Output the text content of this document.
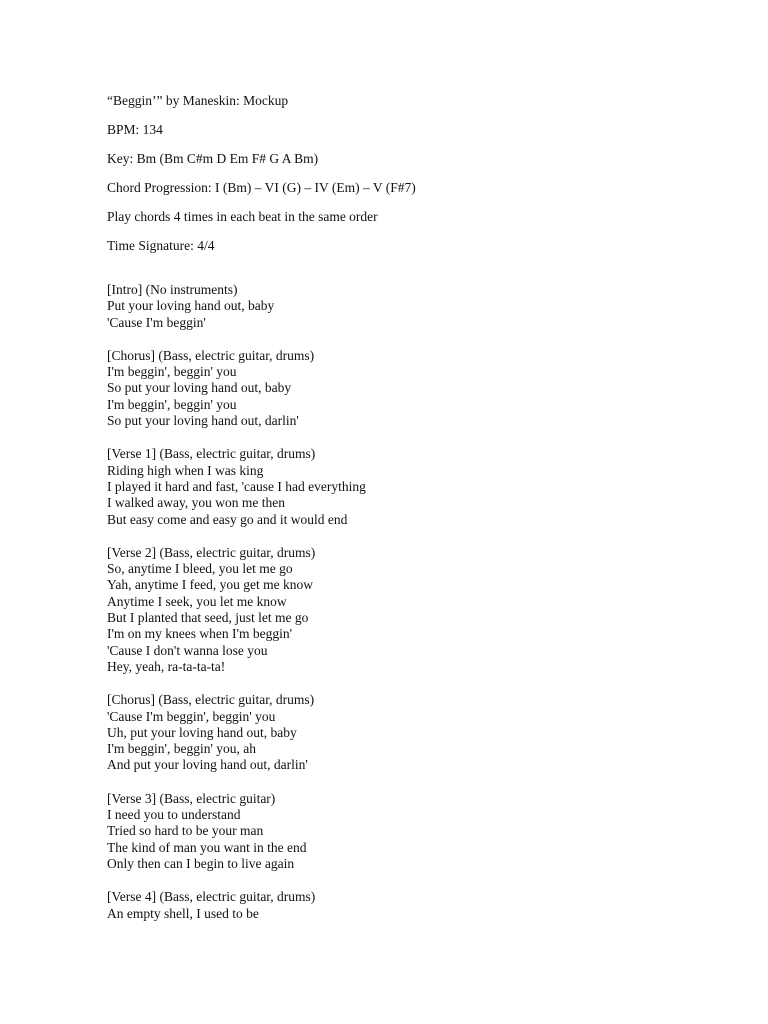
“Beggin’” by Maneskin: Mockup

BPM: 134

Key: Bm (Bm C#m D Em F# G A Bm)

Chord Progression: I (Bm) – VI (G) – IV (Em) – V (F#7)

Play chords 4 times in each beat in the same order

Time Signature: 4/4

[Intro] (No instruments)

Put your loving hand out, baby

'Cause I'm beggin'

[Chorus] (Bass, electric guitar, drums)

I'm beggin', beggin' you

So put your loving hand out, baby

I'm beggin', beggin' you

So put your loving hand out, darlin'

[Verse 1] (Bass, electric guitar, drums)

Riding high when I was king

I played it hard and fast, 'cause I had everything

I walked away, you won me then

But easy come and easy go and it would end

[Verse 2] (Bass, electric guitar, drums)

So, anytime I bleed, you let me go

Yah, anytime I feed, you get me know

Anytime I seek, you let me know

But I planted that seed, just let me go

I'm on my knees when I'm beggin'

'Cause I don't wanna lose you

Hey, yeah, ra-ta-ta-ta!

[Chorus] (Bass, electric guitar, drums)

'Cause I'm beggin', beggin' you

Uh, put your loving hand out, baby

I'm beggin', beggin' you, ah

And put your loving hand out, darlin'

[Verse 3] (Bass, electric guitar)

I need you to understand

Tried so hard to be your man

The kind of man you want in the end

Only then can I begin to live again

[Verse 4] (Bass, electric guitar, drums)

An empty shell, I used to be
